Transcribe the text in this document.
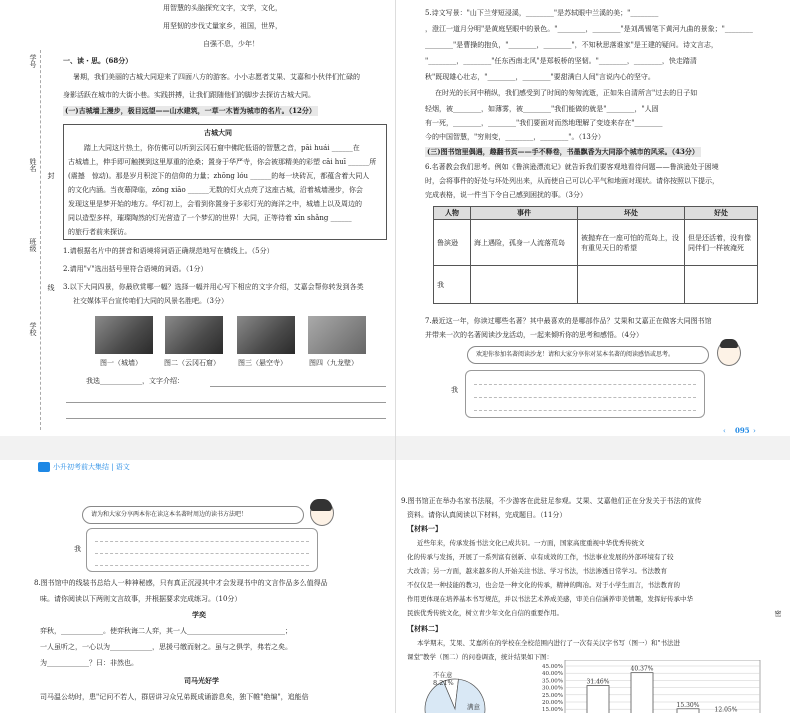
用智慧的头脑探究文字，文学，文化，
用坚韧的步伐丈量家乡，祖国，世界，
自强不息，少年！
学号
姓名
封
班级
线
学校
一、读・思。（68分）
暑期，我们美丽的古城大同迎来了四面八方的游客。小小志愿者艾果、艾嘉和小伙伴们忙碌的
身影活跃在城市的大街小巷。实践拼搏，让我们跟随他们的脚步去探访古城大同。
(一)古城墙上漫步，极目远望——山水建筑，一草一木皆为城市的名片。（12分）
古城大同
踏上大同这片热土，你仿佛可以听到云冈石窟中佛陀低语的智慧之音，pāi huái ______在
古城墙上，伸手即可触摸到这里厚重的沧桑；置身于华严寺，你会被那精美的彩塑 cāi huī ______所
(震撼　惊动)。那是岁月积淀下的信仰的力量；zhōng lóu ______的每一块砖瓦，都蕴含着大同人
的文化内涵。当夜幕降临，zǒng xiāo ______无数的灯火点亮了这座古城，沿着城墙漫步，你会
发现这里是梦开始的地方。华灯初上，会看到你置身于多彩灯光的海洋之中，城墙上以及周边的
同以造型多样，璀璨陶然的灯光营造了一个梦幻的世界！大同，正等待着 xīn shǎng ______
的旅行者前来探访。
1.请根据名片中的拼音和语境将词语正确规范地写在横线上。（5分）
2.请用"√"选出括号里符合语境的词语。（1分）
3.以下大同四景，你最欣赏哪一幅？选择一幅并用心写下相应的文字介绍，艾嘉会帮你转发到各类
社交媒体平台宣传咱们大同的风景名胜吧。（3分）
图一（城墙）	图二（云冈石窟）	图三（悬空寺）	图四（九龙壁）
我选____________，文字介绍：
5.诗文写景："山下兰芽短浸溪，________"是苏轼眼中兰溪的美；"________
，澄江一道月分明"是黄庭坚眼中的景色。"________，________"是刘禹锡笔下黄河九曲的景象；"________
________"是曹操的抱负，"________，________"，不知秋思落谁家"是王建的疑问。诗文言志，
"________，________"任东西南北风"是郑板桥的坚韧。"________，________，快走踏清
秋"既现雄心壮志，"________，________"要甜满白人间"言说内心的坚守。
在时光的长河中稍纵，我们感受到了时间的匆匆流逝，正如朱自清所言"过去的日子如
轻烟，被________，如薄雾，被________"我们能做的就是"________，"人固
有一死，________，________"我们要面对而然地理解了变迹来存在"________
今的中国智慧，"穷则变，________，________"。（13分）
(三)图书馆里偶遇，趣翻书页——手不释卷，书墨飘香为大同添个城市的风采。（43分）
6.名著教会我们思考。例如《鲁滨逊漂流记》就告诉我们要客观地看待问题——鲁滨逊处于困境
时，会将事件的好处与坏处列出来，从而使自己可以心平气和地面对现状。请你按照以下提示，
完成表格，说一件当下令自己感到困扰的事。（3分）
人物	事件	坏处	好处
鲁滨逊	海上遇险，孤身一人流落荒岛	被抛弃在一座可怕的荒岛上，没有重见天日的希望	但是还活着，没有像同伴们一样被淹死
我			
7.最近这一年，你读过哪些名著？其中最喜欢的是哪部作品？艾果和艾嘉正在做客大同图书馆
并带来一次的名著阅读沙龙活动，一起来倾听你的思考和感悟。（4分）
欢迎你参加名著阅读沙龙！请和大家分享你对某本名著的阅读感悟或思考。
我
‹ 095 ›
小升初考前大集结 | 语文
请为和大家分享两本你在读这本名著时周边的读书方法吧！
我
8.图书馆中的线装书总给人一种神秘感，只有真正沉浸其中才会发现书中的文言作品多么值得品
味。请你阅读以下两则文言故事，并根据要求完成练习。（10分）
学奕
弈秋，____________。使弈秋诲二人弈，其一人____________________________；
一人虽听之，一心以为____________，思援弓缴而射之。虽与之俱学，弗若之矣。
为____________？曰：非然也。
司马光好学
司马温公幼时，患"记问不若人，群居讲习众兄弟既成诵游息矣，独下帷"绝编"，追能倍
9.图书馆正在举办名家书法展，不少游客在此驻足参观。艾果、艾嘉他们正在分发关于书法的宣传
资料。请你认真阅读以下材料，完成题目。（11分）
【材料一】
近些年来，传承发扬书法文化已成共识。一方面，国家高度重视中华优秀传统文
化的传承与发扬，开展了一系列富有创新、卓有成效的工作，书法事业发展的外部环境有了较
大改善；另一方面，越来越多的人开始关注书法、学习书法，书法渗透日常学习。书法教育
不仅仅是一种技能的教习，也会是一种文化的传承，精神的陶冶。对于小学生而言，书法教育的
作用更体现在培养基本书写规范，并以书法艺术养成美感，审美自信涵养审美情趣，发挥好传承中华
民族优秀传统文化，树立青少年文化自信的重要作用。
【材料二】
本学期末，艾果、艾嘉所在的学校在全校范围内进行了一次有关汉字书写（图一）和"书法进
课堂"教学（图二）的问卷调查，统计结果如下图：
密
不在意
8.21%
满意
45.00%
40.00%
35.00%
30.00%
25.00%
20.00%
15.00%
31.46%
40.37%
15.30%
12.05%
